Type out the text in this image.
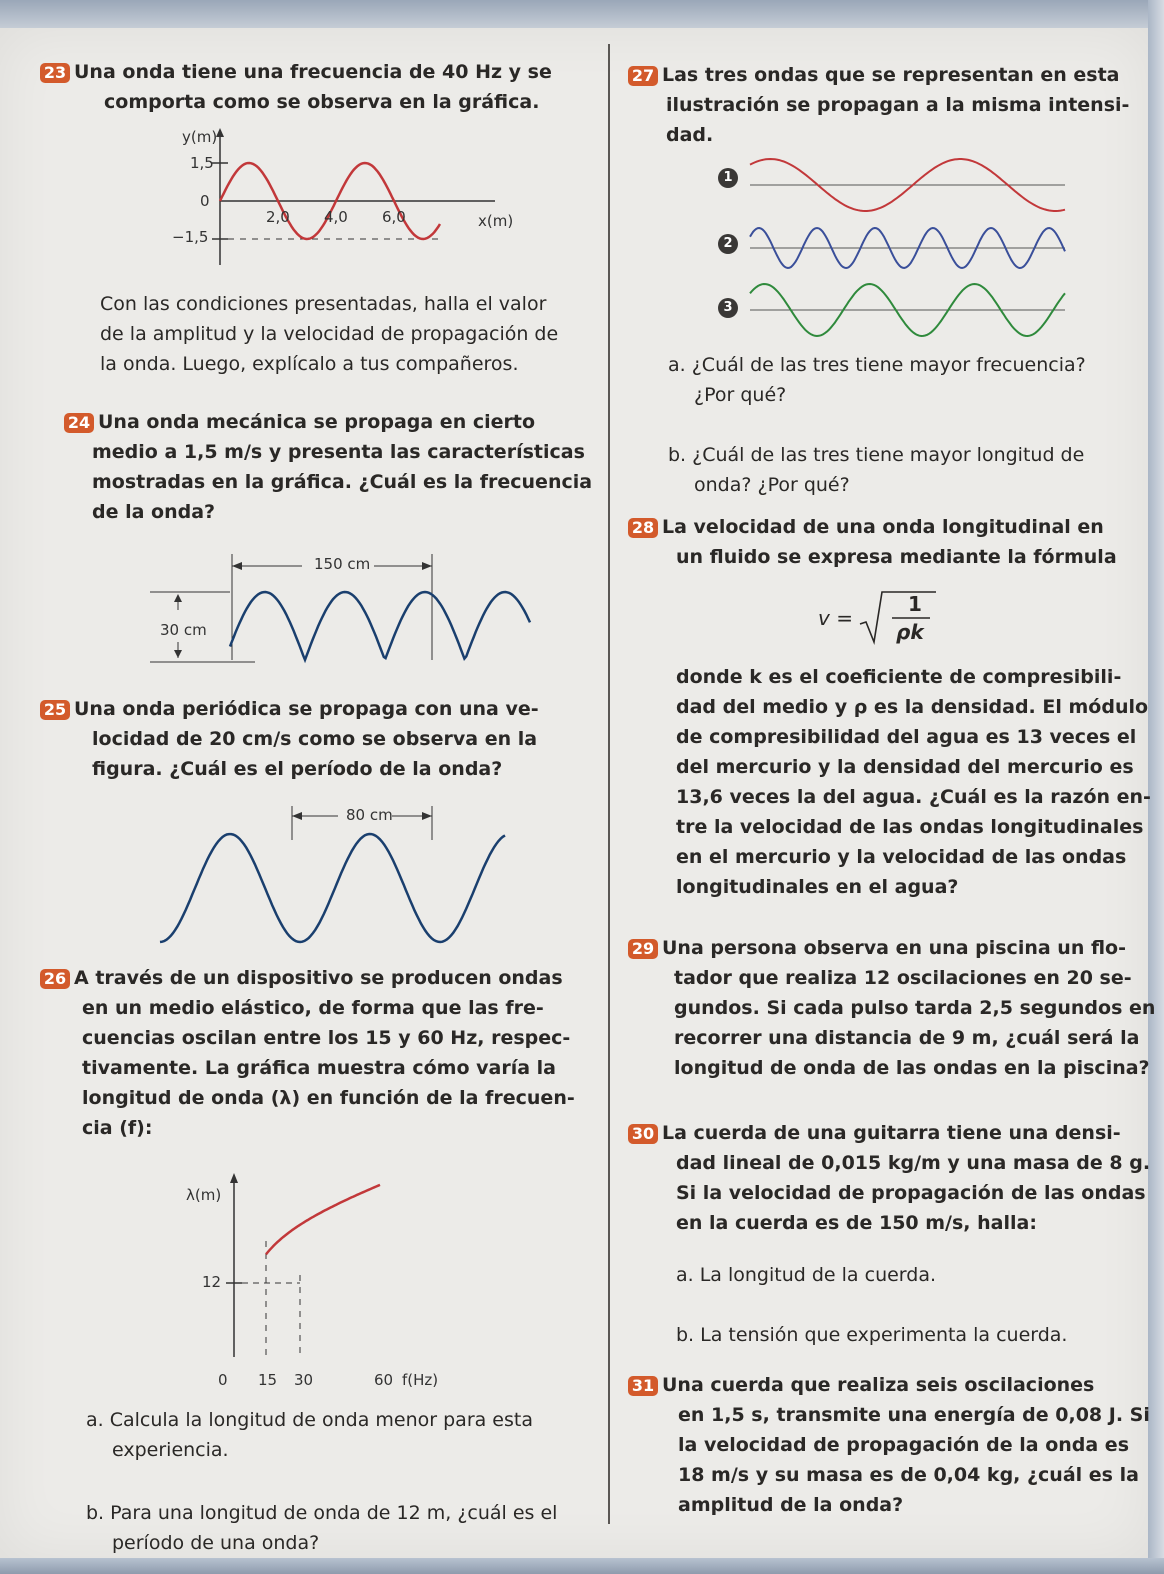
23 Una onda tiene una frecuencia de 40 Hz y se
comporta como se observa en la gráfica.
y(m)
1,5
0
−1,5
2,0 4,0 6,0	x(m)
Con las condiciones presentadas, halla el valor
de la amplitud y la velocidad de propagación de
la onda. Luego, explícalo a tus compañeros.
24 Una onda mecánica se propaga en cierto
medio a 1,5 m/s y presenta las características
mostradas en la gráfica. ¿Cuál es la frecuencia
de la onda?
150 cm
30 cm
25 Una onda periódica se propaga con una ve-
locidad de 20 cm/s como se observa en la
figura. ¿Cuál es el período de la onda?
80 cm
26 A través de un dispositivo se producen ondas
en un medio elástico, de forma que las fre-
cuencias oscilan entre los 15 y 60 Hz, respec-
tivamente. La gráfica muestra cómo varía la
longitud de onda (λ) en función de la frecuen-
cia (f):
λ(m)
12
0 15 30	60 f(Hz)
a. Calcula la longitud de onda menor para esta
experiencia.

b. Para una longitud de onda de 12 m, ¿cuál es el
período de una onda?
27 Las tres ondas que se representan en esta
ilustración se propagan a la misma intensi-
dad.
1
2
3
a. ¿Cuál de las tres tiene mayor frecuencia?
¿Por qué?

b. ¿Cuál de las tres tiene mayor longitud de
onda? ¿Por qué?
28 La velocidad de una onda longitudinal en
un fluido se expresa mediante la fórmula
v =
1
ρk
donde k es el coeficiente de compresibili-
dad del medio y ρ es la densidad. El módulo
de compresibilidad del agua es 13 veces el
del mercurio y la densidad del mercurio es
13,6 veces la del agua. ¿Cuál es la razón en-
tre la velocidad de las ondas longitudinales
en el mercurio y la velocidad de las ondas
longitudinales en el agua?
29 Una persona observa en una piscina un flo-
tador que realiza 12 oscilaciones en 20 se-
gundos. Si cada pulso tarda 2,5 segundos en
recorrer una distancia de 9 m, ¿cuál será la
longitud de onda de las ondas en la piscina?
30 La cuerda de una guitarra tiene una densi-
dad lineal de 0,015 kg/m y una masa de 8 g.
Si la velocidad de propagación de las ondas
en la cuerda es de 150 m/s, halla:
a. La longitud de la cuerda.

b. La tensión que experimenta la cuerda.
31 Una cuerda que realiza seis oscilaciones
en 1,5 s, transmite una energía de 0,08 J. Si
la velocidad de propagación de la onda es
18 m/s y su masa es de 0,04 kg, ¿cuál es la
amplitud de la onda?
